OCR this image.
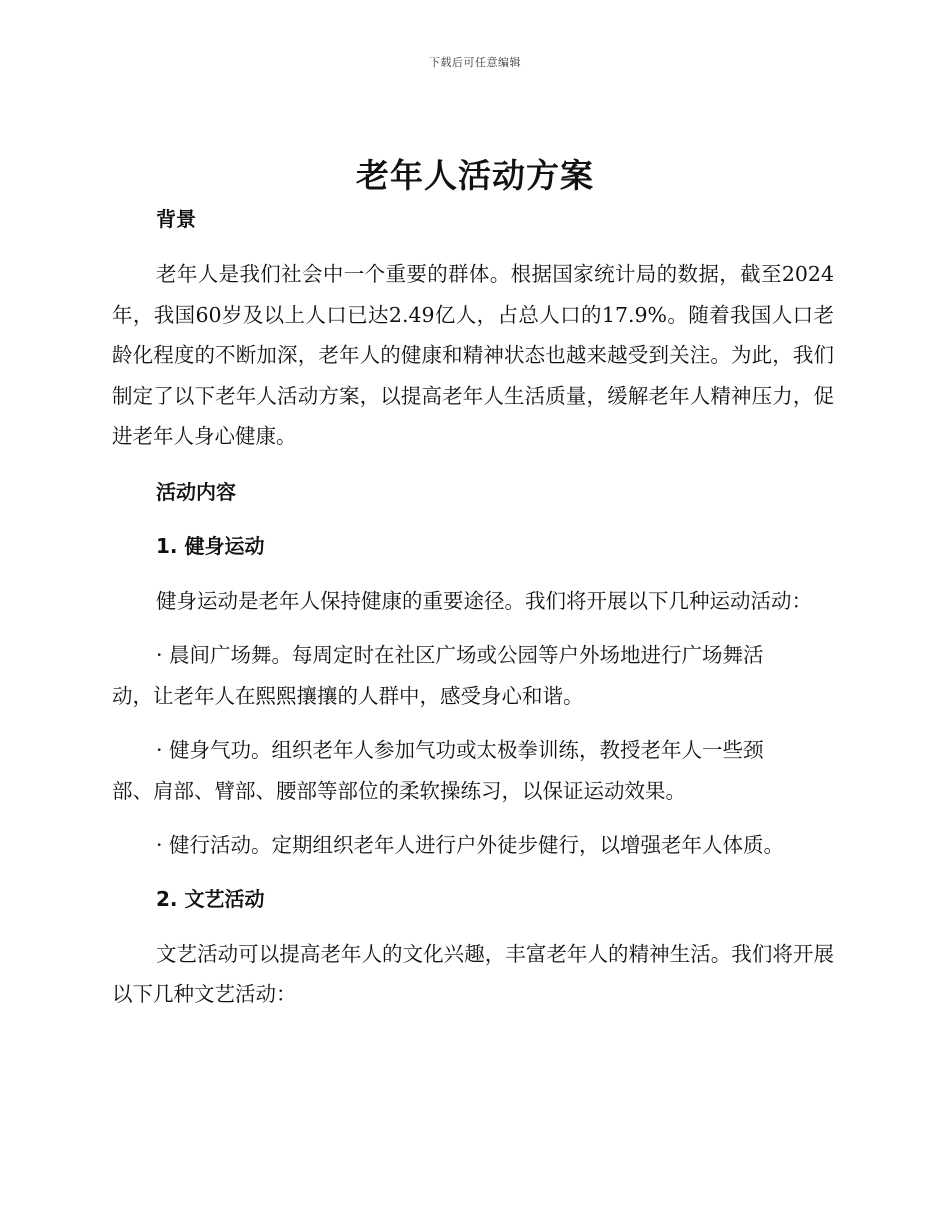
下载后可任意编辑
老年人活动方案
背景

老年人是我们社会中一个重要的群体。根据国家统计局的数据，截至2024年，我国60岁及以上人口已达2.49亿人，占总人口的17.9%。随着我国人口老龄化程度的不断加深，老年人的健康和精神状态也越来越受到关注。为此，我们制定了以下老年人活动方案，以提高老年人生活质量，缓解老年人精神压力，促进老年人身心健康。

活动内容
1. 健身运动

健身运动是老年人保持健康的重要途径。我们将开展以下几种运动活动：

· 晨间广场舞。每周定时在社区广场或公园等户外场地进行广场舞活动，让老年人在熙熙攘攘的人群中，感受身心和谐。

· 健身气功。组织老年人参加气功或太极拳训练，教授老年人一些颈部、肩部、臂部、腰部等部位的柔软操练习，以保证运动效果。

· 健行活动。定期组织老年人进行户外徒步健行，以增强老年人体质。

2. 文艺活动

文艺活动可以提高老年人的文化兴趣，丰富老年人的精神生活。我们将开展以下几种文艺活动：
